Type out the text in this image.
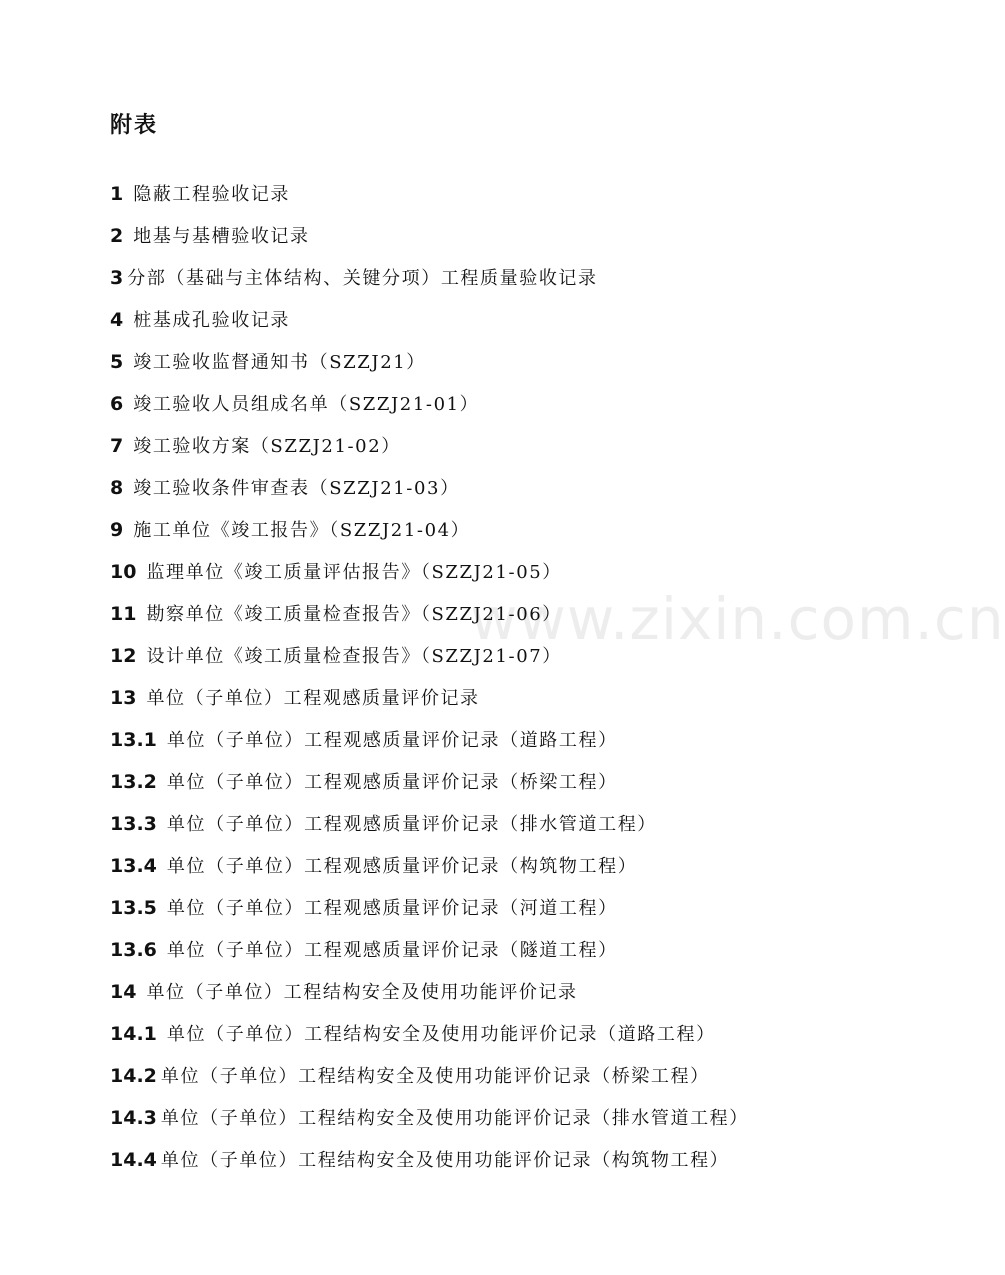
附表
1 隐蔽工程验收记录
2 地基与基槽验收记录
3 分部（基础与主体结构、关键分项）工程质量验收记录
4 桩基成孔验收记录
5 竣工验收监督通知书（SZZJ21）
6 竣工验收人员组成名单（SZZJ21-01）
7 竣工验收方案（SZZJ21-02）
8 竣工验收条件审查表（SZZJ21-03）
9 施工单位《竣工报告》（SZZJ21-04）
10 监理单位《竣工质量评估报告》（SZZJ21-05）
11 勘察单位《竣工质量检查报告》（SZZJ21-06）
12 设计单位《竣工质量检查报告》（SZZJ21-07）
13 单位（子单位）工程观感质量评价记录
13.1 单位（子单位）工程观感质量评价记录（道路工程）
13.2 单位（子单位）工程观感质量评价记录（桥梁工程）
13.3 单位（子单位）工程观感质量评价记录（排水管道工程）
13.4 单位（子单位）工程观感质量评价记录（构筑物工程）
13.5 单位（子单位）工程观感质量评价记录（河道工程）
13.6 单位（子单位）工程观感质量评价记录（隧道工程）
14 单位（子单位）工程结构安全及使用功能评价记录
14.1 单位（子单位）工程结构安全及使用功能评价记录（道路工程）
14.2 单位（子单位）工程结构安全及使用功能评价记录（桥梁工程）
14.3 单位（子单位）工程结构安全及使用功能评价记录（排水管道工程）
14.4 单位（子单位）工程结构安全及使用功能评价记录（构筑物工程）
www.zixin.com.cn
